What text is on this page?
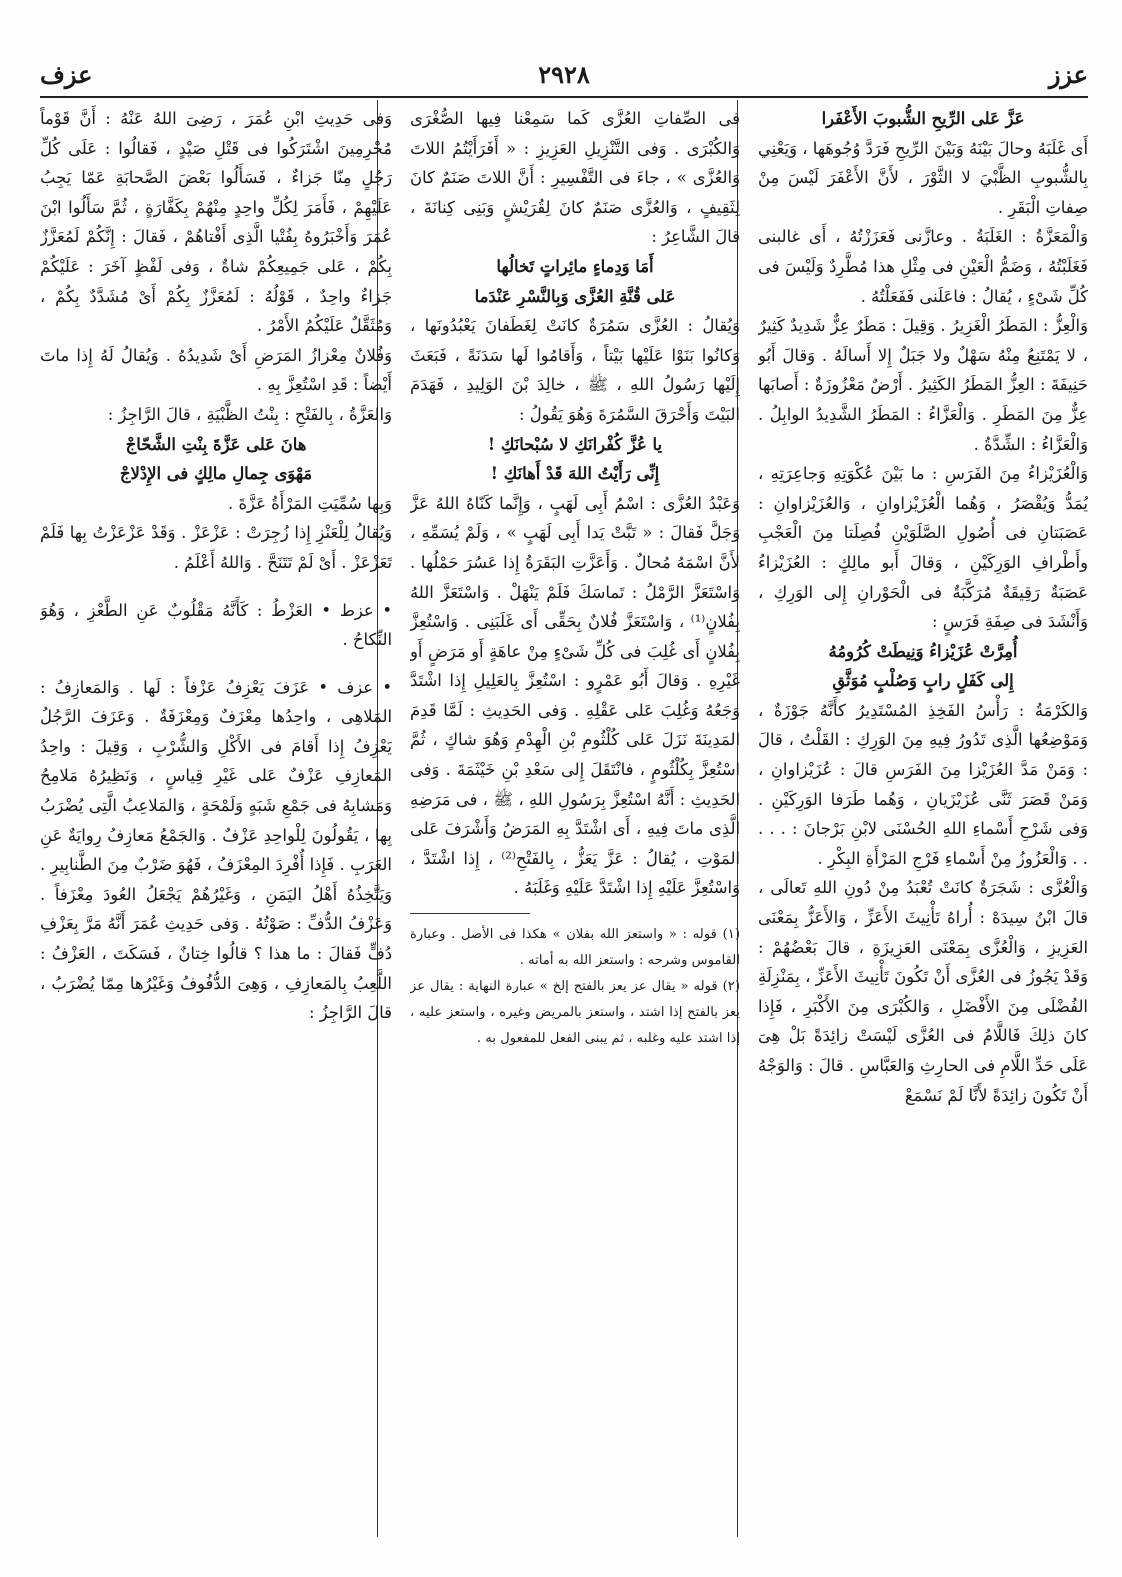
عزز
٢٩٢٨
عزف

عَزَّ عَلى الرِّيحِ الشُّبوبَ الأَعْفَرا

أَى غَلَبَهُ وحالَ بَيْنَهُ وَبَيْنَ الرِّيحِ فَرَدَّ وُجُوهَها ، وَيَعْنِي بِالشُّبوبِ الظَّبْيَ لا الثَّوْرَ ، لأَنَّ الأَعْفَرَ لَيْسَ مِنْ صِفاتِ الْبَقَرِ .

وَالْمَعَزَّةُ : الغَلَبَةُ . وعازَّنى فَعَزَزْتُهُ ، أَى غالبنى فَغَلَبْتُهُ ، وَضَمُّ الْعَيْنِ فى مِثْلِ هذا مُطَّرِدٌ وَلَيْسَ فى كُلِّ شَىْءٍ ، يُقالُ : فاعَلَنى فَفَعَلْتُهُ .

وَالْعِزُّ : المَطَرُ الْغَزِيرُ . وَقِيلَ : مَطَرٌ عِزٌّ شَدِيدٌ كَثِيرٌ ، لا يَمْتَنِعُ مِنْهُ سَهْلٌ ولا جَبَلٌ إِلا أَسالَهُ . وَقالَ أَبُو حَنِيفَةَ : العِزُّ المَطَرُ الكَثِيرُ . أَرْضٌ مَعْزُوزَةٌ : أَصابَها عِزٌّ مِنَ المَطَرِ . وَالْعَزَّاءُ : المَطَرُ الشَّدِيدُ الوابِلُ . وَالْعَزَّاءُ : الشِّدَّةُ .

وَالْعُزَيْزاءُ مِنَ الفَرَسِ : ما بَيْنَ عُكْوَتِهِ وَجاعِرَتِهِ ، يُمَدُّ وَيُقْصَرُ ، وَهُما الْعُزَيْزاوانِ ، وَالعُزَيْزاوانِ : عَصَبَتانِ فى أُصُولِ الصَّلَوَيْنِ فُصِلَتا مِنَ الْعَجْبِ وأَطْرافِ الوَرِكَيْنِ ، وَقالَ أَبو مالِكٍ : العُزَيْزاءُ عَصَبَةٌ رَقِيقَةٌ مُرَكَّبَةٌ فى الْحَوْرانِ إِلى الوَرِكِ ، وَأَنْشَدَ فى صِفَةِ فَرَسٍ :

أُمِرَّتْ عُزَيْزاءُ وَنِيطَتْ كُرُومُهُ

إِلى كَفَلٍ رابٍ وَصُلْبٍ مُوَثَّقِ

وَالكَرْمَةُ : رَأْسُ الفَخِذِ المُسْتَدِيرُ كأَنَّهُ جَوْزَةٌ ، وَمَوْضِعُها الَّذِى تَدُورُ فِيهِ مِنَ الوَرِكِ : القَلْتُ ، قالَ : وَمَنْ مَدَّ العُزَيْزا مِنَ الفَرَسِ قالَ : عُزَيْزاوانِ ، وَمَنْ قَصَرَ ثَنَّى عُزَيْزَيانِ ، وَهُما طَرَفا الوَرِكَيْنِ . وَفى شَرْحِ أَسْماءِ اللهِ الحُسْنَى لابْنِ بَرْجانَ : . . . . . وَالْعَزُوزُ مِنْ أَسْماءِ فَرْجِ المَرْأَةِ البِكْرِ .

وَالْعُزَّى : شَجَرَةٌ كانَتْ تُعْبَدُ مِنْ دُونِ اللهِ تَعالَى ، قالَ ابْنُ سِيدَهْ : أُراهُ تَأْنِيثَ الأَعَزِّ ، وَالأَعَزُّ بِمَعْنَى العَزِيزِ ، وَالْعُزَّى بِمَعْنَى العَزِيزَةِ ، قالَ بَعْضُهُمْ : وَقَدْ يَجُوزُ فى العُزَّى أَنْ تَكُونَ تَأْنِيثَ الأَعَزِّ ، بِمَنْزِلَةِ الفُضْلَى مِنَ الأَفْضَلِ ، وَالكُبْرَى مِنَ الأَكْبَرِ ، فَإِذا كانَ ذلِكَ فَاللَّامُ فى العُزَّى لَيْسَتْ زائِدَةً بَلْ هِىَ عَلَى حَدِّ اللَّامِ فى الحارِثِ وَالعَبَّاسِ . قالَ : وَالوَجْهُ أَنْ تَكُونَ زائِدَةً لأَنَّا لَمْ نَسْمَعْ

فى الصِّفاتِ العُزَّى كَما سَمِعْنا فِيها الصُّغْرَى وَالكُبْرَى . وَفى التَّنْزِيلِ العَزِيزِ : « أَفَرَأَيْتُمُ اللاتَ وَالعُزَّى » ، جاءَ فى التَّفْسِيرِ : أَنَّ اللاتَ صَنَمٌ كانَ لِثَقِيفٍ ، وَالعُزَّى صَنَمٌ كانَ لِقُرَيْشٍ وَبَنِى كِنانَةَ ، قالَ الشَّاعِرُ :

أَمَا وَدِماءٍ مائِراتٍ تَخالُها

عَلى قُنَّةِ العُزَّى وَبِالنَّسْرِ عَنْدَما

وَيُقالُ : العُزَّى سَمُرَةٌ كانَتْ لِغَطَفانَ يَعْبُدُونَها ، وَكانُوا بَنَوْا عَلَيْها بَيْتاً ، وَأَقامُوا لَها سَدَنَةً ، فَبَعَثَ إِلَيْها رَسُولُ اللهِ ، ﷺ ، خالِدَ بْنَ الوَلِيدِ ، فَهَدَمَ البَيْتَ وَأَحْرَقَ السَّمُرَةَ وَهُوَ يَقُولُ :

يا عُزَّ كُفْرانَكِ لا سُبْحانَكِ !

إِنِّى رَأَيْتُ اللهَ قَدْ أَهانَكِ !

وَعَبْدُ العُزَّى : اسْمُ أَبِى لَهَبٍ ، وَإِنَّما كَنّاهُ اللهُ عَزَّ وَجَلَّ فَقالَ : « تَبَّتْ يَدا أَبِى لَهَبٍ » ، وَلَمْ يُسَمِّهِ ، لأَنَّ اسْمَهُ مُحالٌ . وَأَعَزَّتِ البَقَرَةُ إِذا عَسُرَ حَمْلُها . وَاسْتَعَزَّ الرَّمْلُ : تَماسَكَ فَلَمْ يَنْهَلْ . وَاسْتَعَزَّ اللهُ بِفُلانٍ⁽¹⁾ ، وَاسْتَعَزَّ فُلانٌ بِحَقِّى أَى غَلَبَنِى . وَاسْتُعِزَّ بِفُلانٍ أَى غُلِبَ فى كُلِّ شَىْءٍ مِنْ عاهَةٍ أَو مَرَضٍ أَو غَيْرِهِ . وَقالَ أَبُو عَمْرٍو : اسْتُعِزَّ بِالعَلِيلِ إِذا اشْتَدَّ وَجَعُهُ وَغُلِبَ عَلى عَقْلِهِ . وَفى الحَدِيثِ : لَمَّا قَدِمَ المَدِينَةَ نَزَلَ عَلى كُلْثُومِ بْنِ الْهِدْمِ وَهُوَ شاكٍ ، ثُمَّ اسْتُعِزَّ بِكُلْثُومٍ ، فانْتَقَلَ إِلى سَعْدِ بْنِ خَيْثَمَةَ . وَفى الحَدِيثِ : أَنَّهُ اسْتُعِزَّ بِرَسُولِ اللهِ ، ﷺ ، فى مَرَضِهِ الَّذِى ماتَ فِيهِ ، أَى اشْتَدَّ بِهِ المَرَضُ وَأَشْرَفَ عَلى المَوْتِ ، يُقالُ : عَزَّ يَعَزُّ ، بِالفَتْحِ⁽²⁾ ، إِذا اشْتَدَّ ، وَاسْتُعِزَّ عَلَيْهِ إِذا اشْتَدَّ عَلَيْهِ وَغَلَبَهُ .

(١) قوله : « واستعز الله بفلان » هكذا فى الأصل . وعبارة القاموس وشرحه : واستعز الله به أماته .

(٢) قوله « يقال عز يعز بالفتح إلخ » عبارة النهاية : يقال عز يعز بالفتح إذا اشتد ، واستعز بالمريض وغيره ، واستعز عليه ، إذا اشتد عليه وغلبه ، ثم يبنى الفعل للمفعول به .

وَفى حَدِيثِ ابْنِ عُمَرَ ، رَضِىَ اللهُ عَنْهُ : أَنَّ قَوْماً مُحْرِمِينَ اشْتَرَكُوا فى قَتْلِ صَيْدٍ ، فَقالُوا : عَلَى كُلِّ رَجُلٍ مِنّا جَزاءٌ ، فَسَأَلُوا بَعْضَ الصَّحابَةِ عَمّا يَجِبُ عَلَيْهِمْ ، فَأَمَرَ لِكُلِّ واحِدٍ مِنْهُمْ بِكَفَّارَةٍ ، ثُمَّ سَأَلُوا ابْنَ عُمَرَ وَأَخْبَرُوهُ بِفُتْيا الَّذِى أَفْتاهُمْ ، فَقالَ : إِنَّكُمْ لَمُعَزَّزٌ بِكُمْ ، عَلى جَمِيعِكُمْ شاةٌ ، وَفى لَفْظٍ آخَرَ : عَلَيْكُمْ جَزاءٌ واحِدٌ ، قَوْلُهُ : لَمُعَزَّزٌ بِكُمْ أَىْ مُشَدَّدٌ بِكُمْ ، وَمُثَقَّلٌ عَلَيْكُمُ الأَمْرُ .

وَفُلانٌ مِعْزازُ المَرَضِ أَىْ شَدِيدُهُ . وَيُقالُ لَهُ إِذا ماتَ أَيْضاً : قَدِ اسْتُعِزَّ بِهِ .

وَالعَزَّةُ ، بِالفَتْحِ : بِنْتُ الظَّبْيَةِ ، قالَ الرَّاجِزُ :

هانَ عَلى عَزَّةَ بِنْتِ الشَّحّاجْ

مَهْوَى جِمالِ مالِكٍ فى الإِدْلاجْ

وَبِها سُمِّيَتِ المَرْأَةُ عَزَّةَ .

وَيُقالُ لِلْعَنْزِ إِذا زُجِرَتْ : عَزْعَزْ . وَقَدْ عَزْعَزْتُ بِها فَلَمْ تَعَزْعَزْ . أَىْ لَمْ تَتَنَحَّ . وَاللهُ أَعْلَمُ .

• عزط • العَزْطُ : كَأَنَّهُ مَقْلُوبٌ عَنِ الطَّعْزِ ، وَهُوَ النِّكاحُ .

• عزف • عَزَفَ يَعْزِفُ عَزْفاً : لَها . وَالمَعازِفُ : المَلاهِى ، واحِدُها مِعْزَفٌ وَمِعْزَفَةٌ . وَعَزَفَ الرَّجُلُ يَعْزِفُ إِذا أَقامَ فى الأَكْلِ وَالشُّرْبِ ، وَقِيلَ : واحِدُ المَعازِفِ عَزْفٌ عَلى غَيْرِ قِياسٍ ، وَنَظِيرُهُ مَلامِحُ وَمَشابِهُ فى جَمْعِ شَبَهٍ وَلَمْحَةٍ ، وَالمَلاعِبُ الَّتِى يُضْرَبُ بِها ، يَقُولُونَ لِلْواحِدِ عَزْفٌ . وَالجَمْعُ مَعازِفُ رِوايَةٌ عَنِ العَرَبِ . فَإِذا أُفْرِدَ المِعْزَفُ ، فَهُوَ ضَرْبٌ مِنَ الطَّنابِيرِ . وَيَتَّخِذُهُ أَهْلُ اليَمَنِ ، وَغَيْرُهُمْ يَجْعَلُ العُودَ مِعْزَفاً . وَعَزْفُ الدُّفِّ : صَوْتُهُ . وَفى حَدِيثِ عُمَرَ أَنَّهُ مَرَّ بِعَزْفِ دُفٍّ فَقالَ : ما هذا ؟ قالُوا خِتانٌ ، فَسَكَتَ ، العَزْفُ : اللَّعِبُ بِالمَعازِفِ ، وَهِىَ الدُّفُوفُ وَغَيْرُها مِمّا يُضْرَبُ ، قالَ الرَّاجِزُ :
